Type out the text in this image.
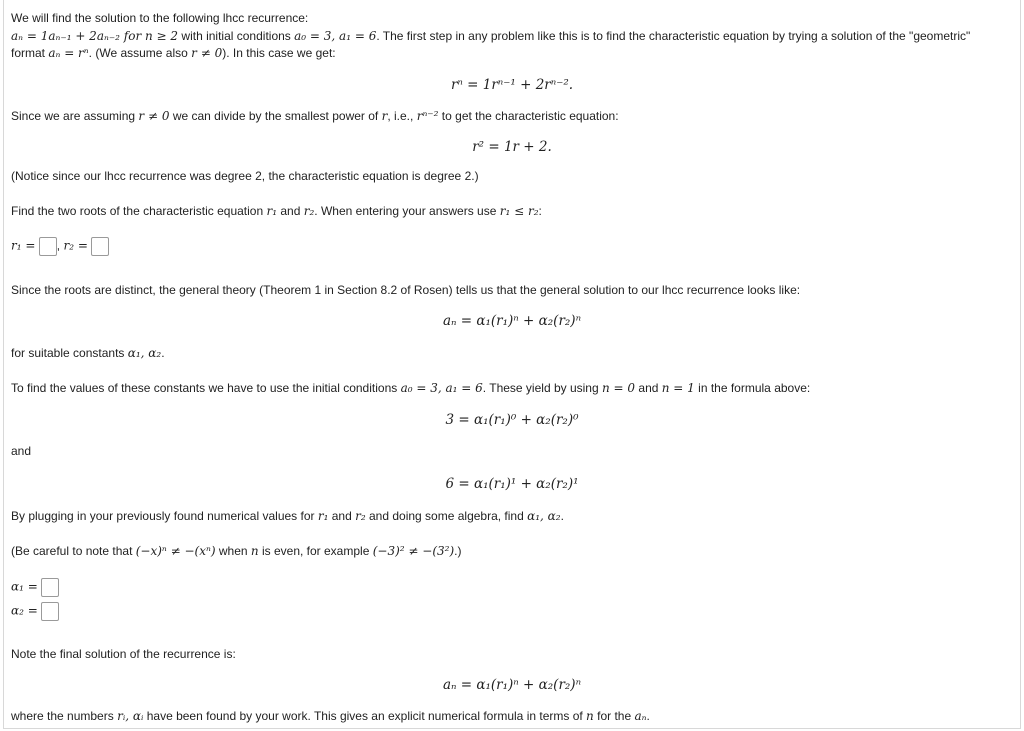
We will find the solution to the following lhcc recurrence:
aₙ = 1aₙ₋₁ + 2aₙ₋₂ for n ≥ 2 with initial conditions a₀ = 3, a₁ = 6. The first step in any problem like this is to find the characteristic equation by trying a solution of the "geometric"
format aₙ = rⁿ. (We assume also r ≠ 0). In this case we get:
rⁿ = 1rⁿ⁻¹ + 2rⁿ⁻².
Since we are assuming r ≠ 0 we can divide by the smallest power of r, i.e., rⁿ⁻² to get the characteristic equation:
r² = 1r + 2.
(Notice since our lhcc recurrence was degree 2, the characteristic equation is degree 2.)
Find the two roots of the characteristic equation r₁ and r₂. When entering your answers use r₁ ≤ r₂:
r₁ = , r₂ =
Since the roots are distinct, the general theory (Theorem 1 in Section 8.2 of Rosen) tells us that the general solution to our lhcc recurrence looks like:
aₙ = α₁(r₁)ⁿ + α₂(r₂)ⁿ
for suitable constants α₁, α₂.
To find the values of these constants we have to use the initial conditions a₀ = 3, a₁ = 6. These yield by using n = 0 and n = 1 in the formula above:
3 = α₁(r₁)⁰ + α₂(r₂)⁰
and
6 = α₁(r₁)¹ + α₂(r₂)¹
By plugging in your previously found numerical values for r₁ and r₂ and doing some algebra, find α₁, α₂.
(Be careful to note that (−x)ⁿ ≠ −(xⁿ) when n is even, for example (−3)² ≠ −(3²).)
α₁ =
α₂ =
Note the final solution of the recurrence is:
aₙ = α₁(r₁)ⁿ + α₂(r₂)ⁿ
where the numbers rᵢ, αᵢ have been found by your work. This gives an explicit numerical formula in terms of n for the aₙ.
